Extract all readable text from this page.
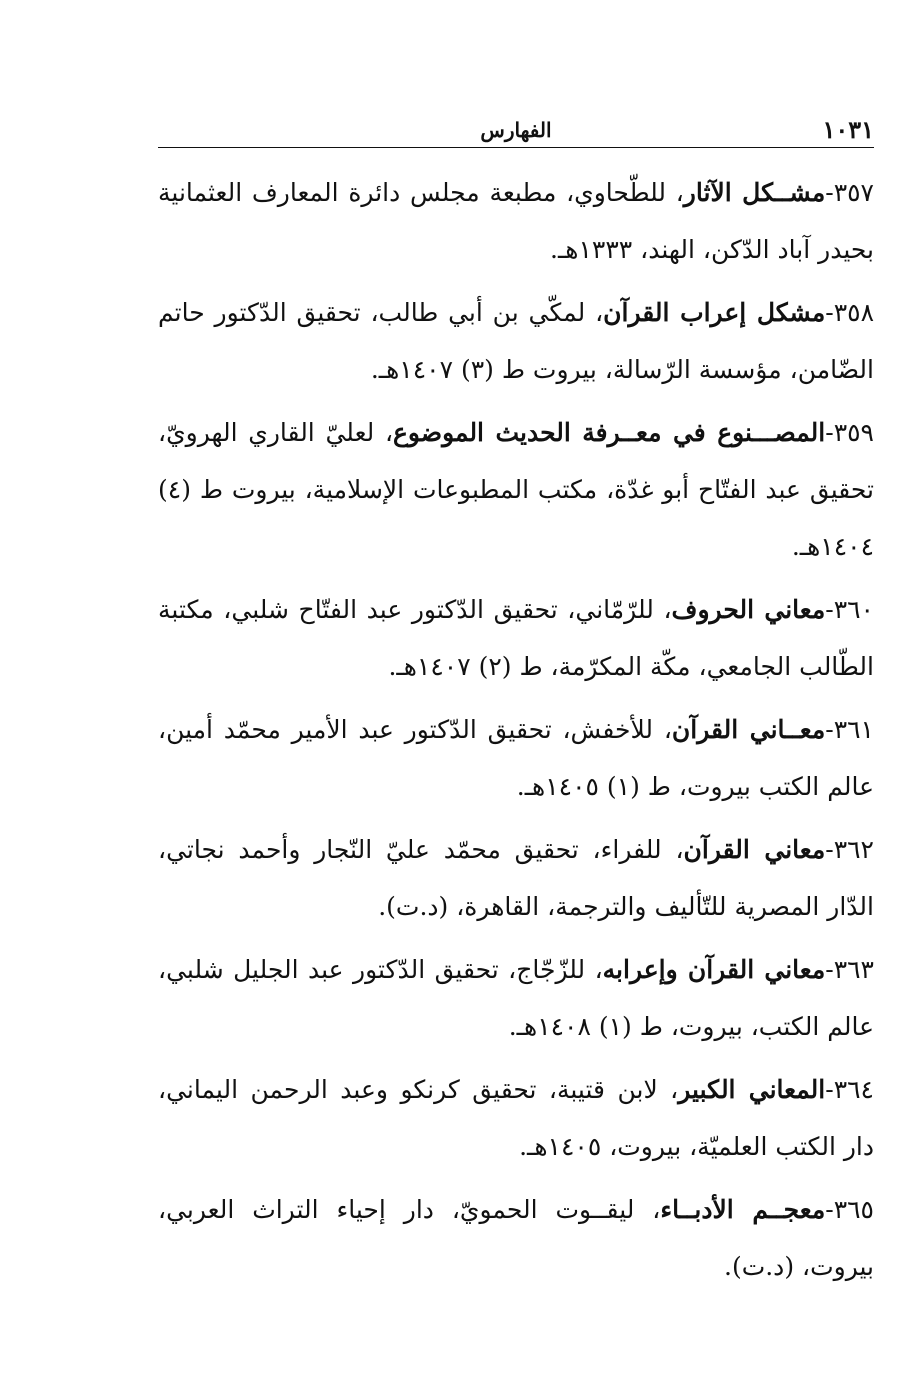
١٠٣١
الفهارس

٣٥٧-مشــكل الآثار، للطّحاوي، مطبعة مجلس دائرة المعارف العثمانية بحيدر آباد الدّكن، الهند، ١٣٣٣هـ.

٣٥٨-مشكل إعراب القرآن، لمكّي بن أبي طالب، تحقيق الدّكتور حاتم الضّامن، مؤسسة الرّسالة، بيروت ط (٣) ١٤٠٧هـ.

٣٥٩-المصـــنوع في معــرفة الحديث الموضوع، لعليّ القاري الهرويّ، تحقيق عبد الفتّاح أبو غدّة، مكتب المطبوعات الإسلامية، بيروت ط (٤) ١٤٠٤هـ.

٣٦٠-معاني الحروف، للرّمّاني، تحقيق الدّكتور عبد الفتّاح شلبي، مكتبة الطّالب الجامعي، مكّة المكرّمة، ط (٢) ١٤٠٧هـ.

٣٦١-معــاني القرآن، للأخفش، تحقيق الدّكتور عبد الأمير محمّد أمين، عالم الكتب بيروت، ط (١) ١٤٠٥هـ.

٣٦٢-معاني القرآن، للفراء، تحقيق محمّد عليّ النّجار وأحمد نجاتي، الدّار المصرية للتّأليف والترجمة، القاهرة، (د.ت).

٣٦٣-معاني القرآن وإعرابه، للزّجّاج، تحقيق الدّكتور عبد الجليل شلبي، عالم الكتب، بيروت، ط (١) ١٤٠٨هـ.

٣٦٤-المعاني الكبير، لابن قتيبة، تحقيق كرنكو وعبد الرحمن اليماني، دار الكتب العلميّة، بيروت، ١٤٠٥هـ.

٣٦٥-معجــم الأدبــاء، ليقــوت الحمويّ، دار إحياء التراث العربي، بيروت، (د.ت).
